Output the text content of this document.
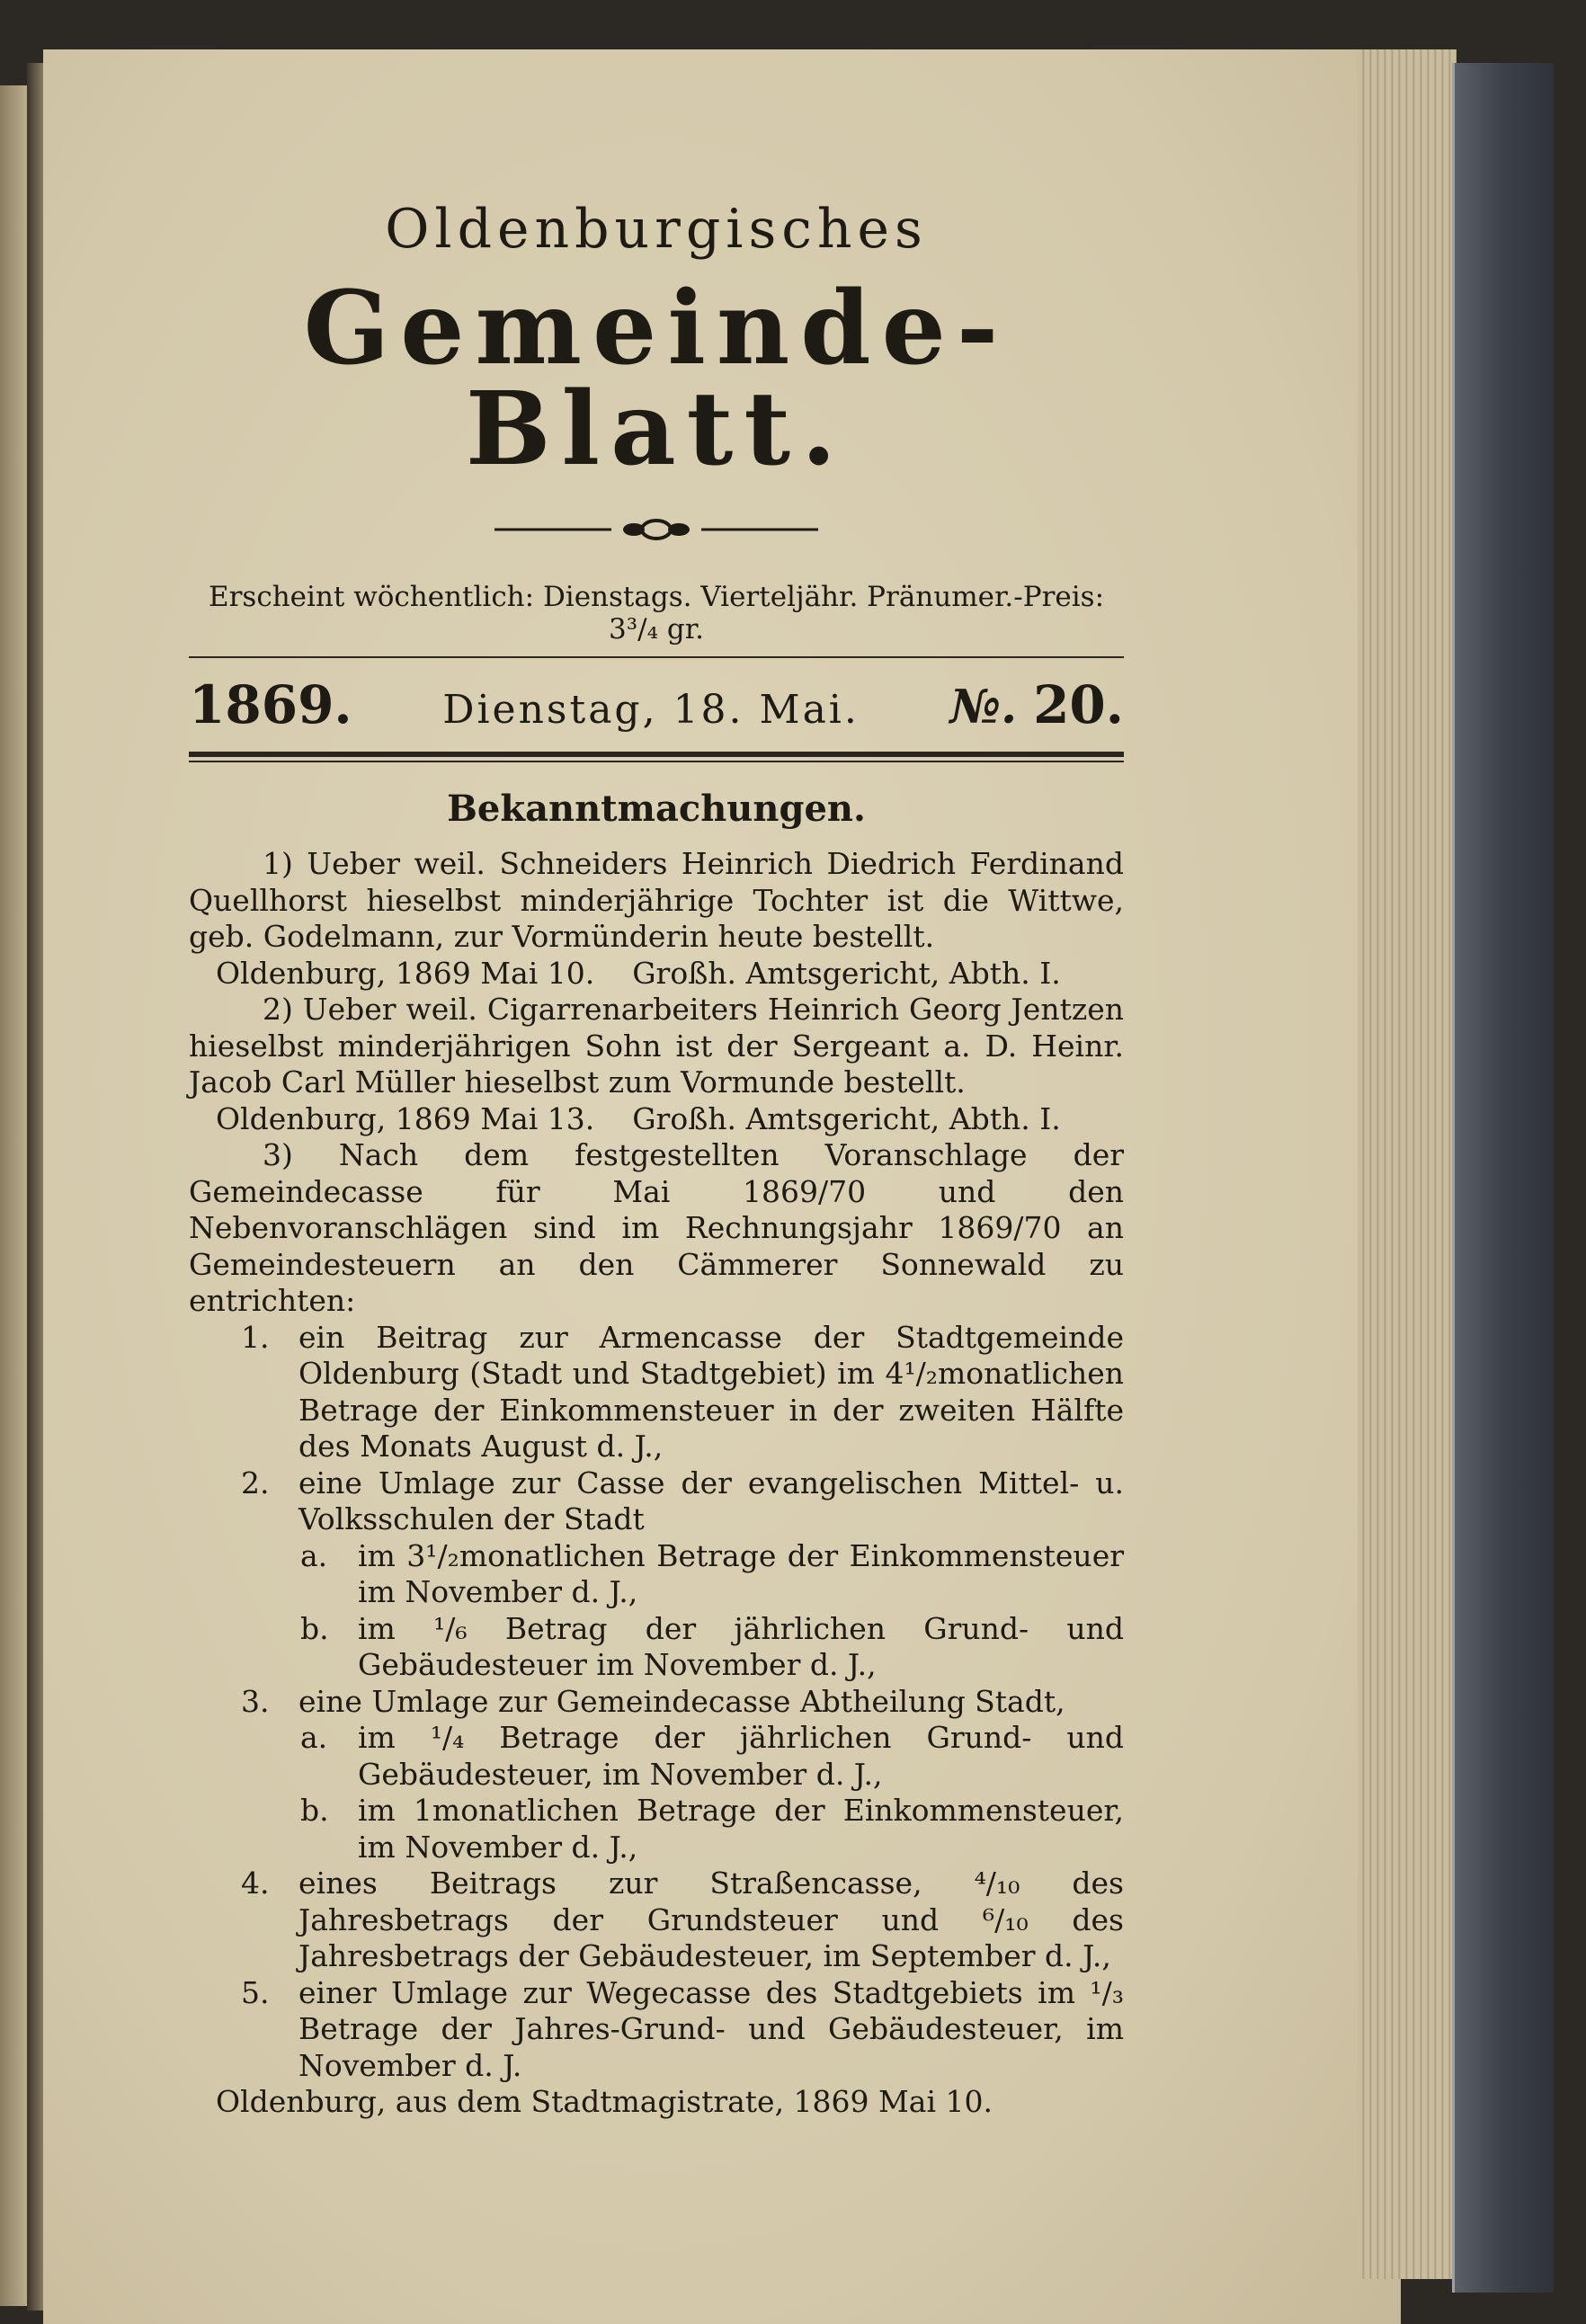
Oldenburgisches
Gemeinde-Blatt.
Erscheint wöchentlich: Dienstags. Vierteljähr. Pränumer.-Preis: 3³/₄ gr.
1869. Dienstag, 18. Mai. №. 20.
Bekanntmachungen.

1) Ueber weil. Schneiders Heinrich Diedrich Ferdinand Quellhorst hieselbst minderjährige Tochter ist die Wittwe, geb. Godelmann, zur Vormünderin heute bestellt.

Oldenburg, 1869 Mai 10.    Großh. Amtsgericht, Abth. I.

2) Ueber weil. Cigarrenarbeiters Heinrich Georg Jentzen hieselbst minderjährigen Sohn ist der Sergeant a. D. Heinr. Jacob Carl Müller hieselbst zum Vormunde bestellt.

Oldenburg, 1869 Mai 13.    Großh. Amtsgericht, Abth. I.

3) Nach dem festgestellten Voranschlage der Gemeindecasse für Mai 1869/70 und den Nebenvoranschlägen sind im Rechnungsjahr 1869/70 an Gemeindesteuern an den Cämmerer Sonnewald zu entrichten:

1. ein Beitrag zur Armencasse der Stadtgemeinde Oldenburg (Stadt und Stadtgebiet) im 4¹/₂monatlichen Betrage der Einkommensteuer in der zweiten Hälfte des Monats August d. J.,

2. eine Umlage zur Casse der evangelischen Mittel- u. Volksschulen der Stadt

a. im 3¹/₂monatlichen Betrage der Einkommensteuer im November d. J.,

b. im ¹/₆ Betrag der jährlichen Grund- und Gebäudesteuer im November d. J.,

3. eine Umlage zur Gemeindecasse Abtheilung Stadt,

a. im ¹/₄ Betrage der jährlichen Grund- und Gebäudesteuer, im November d. J.,

b. im 1monatlichen Betrage der Einkommensteuer, im November d. J.,

4. eines Beitrags zur Straßencasse, ⁴/₁₀ des Jahresbetrags der Grundsteuer und ⁶/₁₀ des Jahresbetrags der Gebäudesteuer, im September d. J.,

5. einer Umlage zur Wegecasse des Stadtgebiets im ¹/₃ Betrage der Jahres-Grund- und Gebäudesteuer, im November d. J.

Oldenburg, aus dem Stadtmagistrate, 1869 Mai 10.
